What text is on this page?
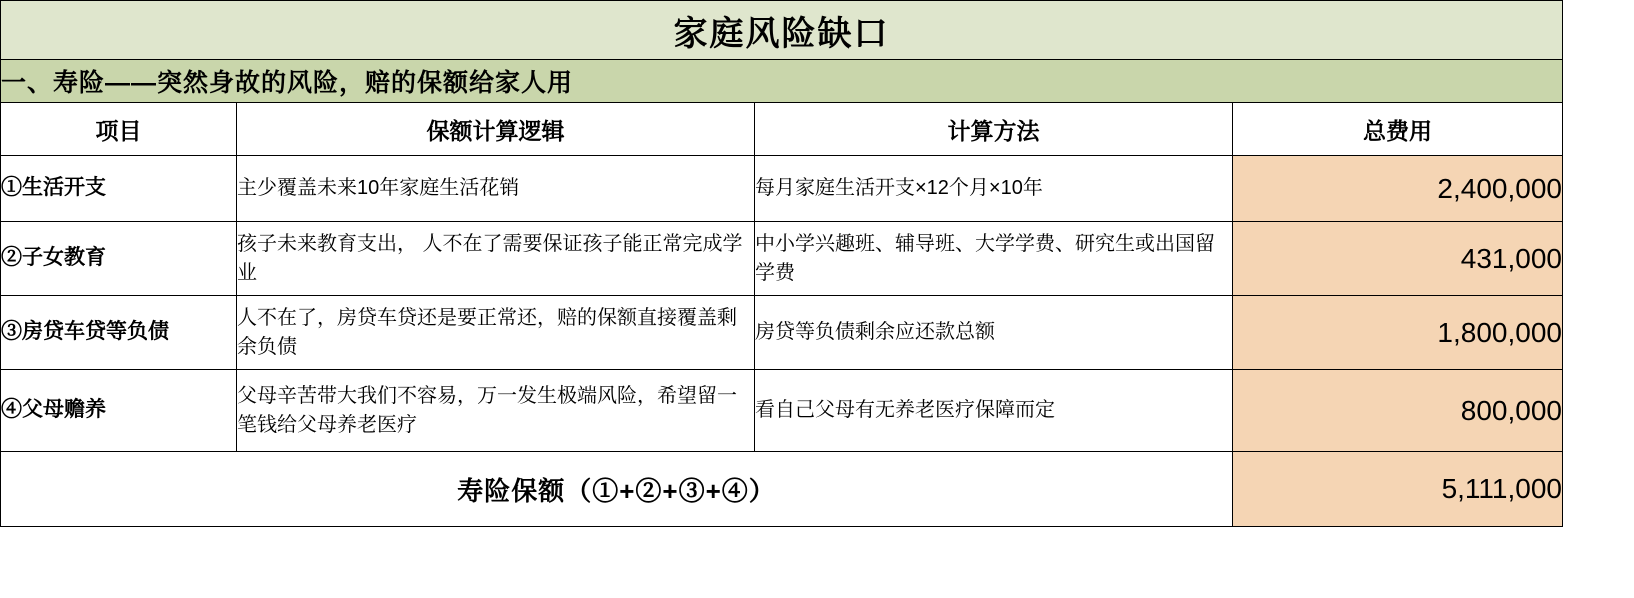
家庭风险缺口			
一、寿险——突然身故的风险，赔的保额给家人用			
项目	保额计算逻辑	计算方法	总费用
①生活开支	主少覆盖未来10年家庭生活花销	每月家庭生活开支×12个月×10年	2,400,000
②子女教育	孩子未来教育支出， 人不在了需要保证孩子能正常完成学业	中小学兴趣班、辅导班、大学学费、研究生或出国留学费	431,000
③房贷车贷等负债	人不在了，房贷车贷还是要正常还，赔的保额直接覆盖剩余负债	房贷等负债剩余应还款总额	1,800,000
④父母赡养	父母辛苦带大我们不容易，万一发生极端风险，希望留一笔钱给父母养老医疗	看自己父母有无养老医疗保障而定	800,000
寿险保额（①+②+③+④）			5,111,000
